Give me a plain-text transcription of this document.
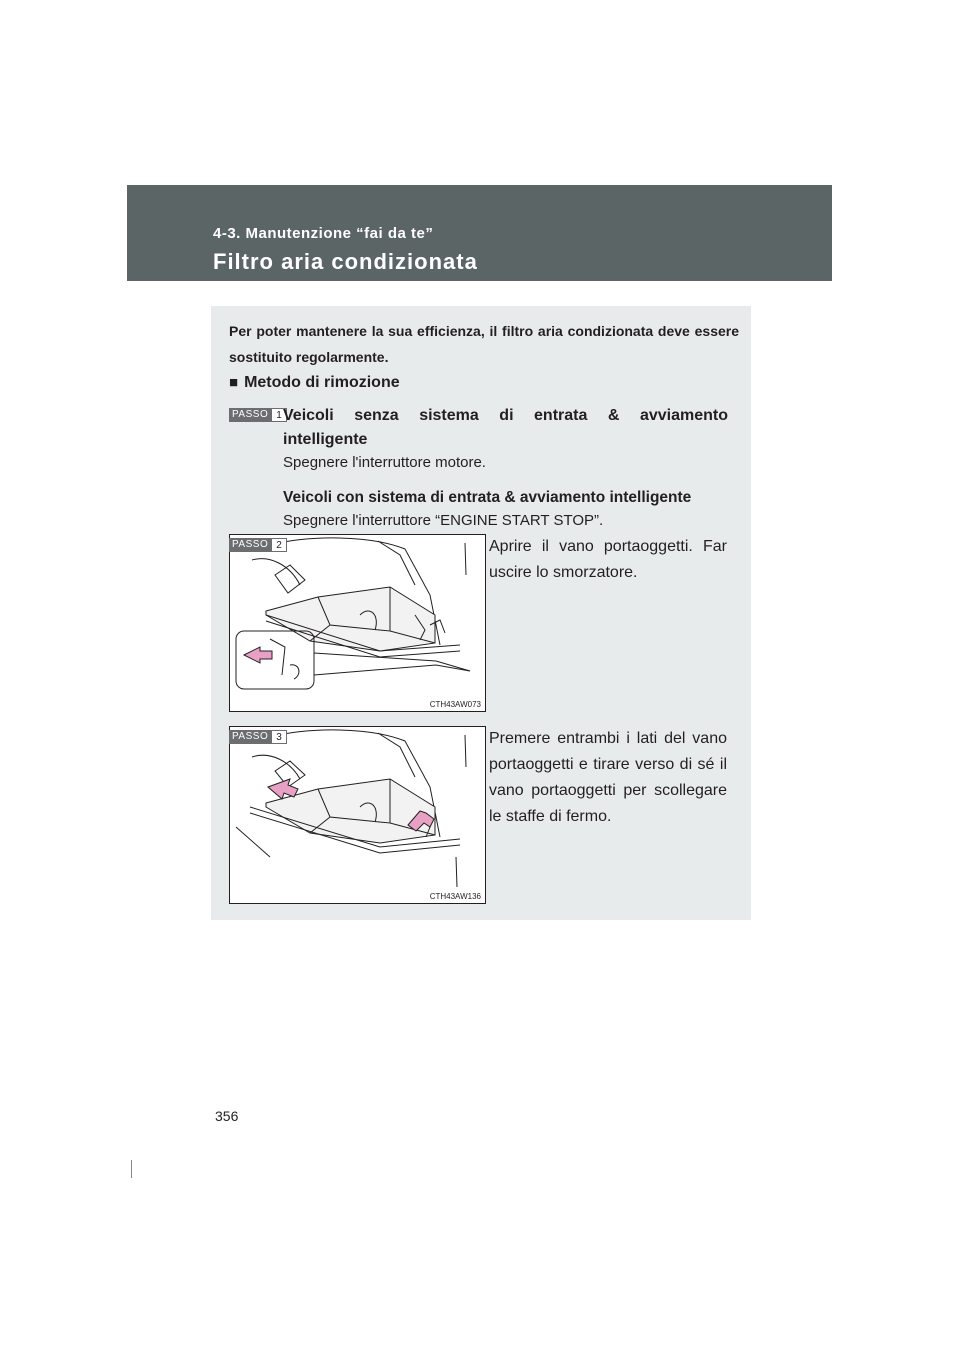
4-3. Manutenzione “fai da te”
Filtro aria condizionata
Per poter mantenere la sua efficienza, il filtro aria condizionata deve essere sostituito regolarmente.
■ Metodo di rimozione
PASSO 1 Veicoli senza sistema di entrata & avviamento
intelligente
Spegnere l'interruttore motore.
Veicoli con sistema di entrata & avviamento intelligente
Spegnere l'interruttore “ENGINE START STOP”.
CTH43AW073
PASSO 2	Aprire il vano portaoggetti. Far uscire lo smorzatore.
CTH43AW136
PASSO 3	Premere entrambi i lati del vano portaoggetti e tirare verso di sé il vano portaoggetti per scollegare le staffe di fermo.
356
